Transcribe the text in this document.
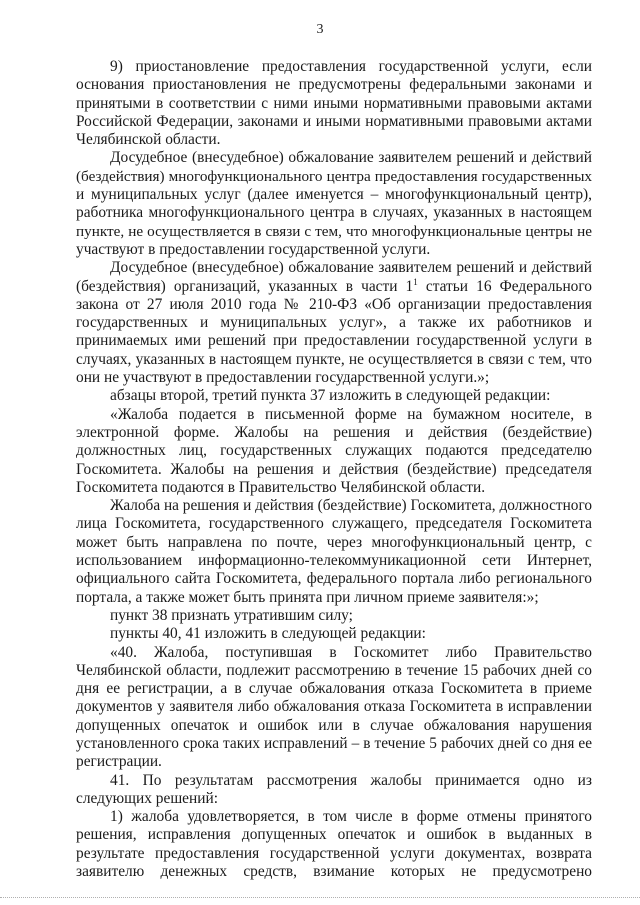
3

9) приостановление предоставления государственной услуги, если
основания приостановления не предусмотрены федеральными законами и
принятыми в соответствии с ними иными нормативными правовыми актами
Российской Федерации, законами и иными нормативными правовыми актами
Челябинской области.

Досудебное (внесудебное) обжалование заявителем решений и действий
(бездействия) многофункционального центра предоставления государственных
и муниципальных услуг (далее именуется – многофункциональный центр),
работника многофункционального центра в случаях, указанных в настоящем
пункте, не осуществляется в связи с тем, что многофункциональные центры не
участвуют в предоставлении государственной услуги.

Досудебное (внесудебное) обжалование заявителем решений и действий
(бездействия) организаций, указанных в части $1^1$ статьи 16 Федерального
закона от 27 июля 2010 года № 210-ФЗ «Об организации предоставления
государственных и муниципальных услуг», а также их работников и
принимаемых ими решений при предоставлении государственной услуги в
случаях, указанных в настоящем пункте, не осуществляется в связи с тем, что
они не участвуют в предоставлении государственной услуги.»;

абзацы второй, третий пункта 37 изложить в следующей редакции:

«Жалоба подается в письменной форме на бумажном носителе, в
электронной форме. Жалобы на решения и действия (бездействие)
должностных лиц, государственных служащих подаются председателю
Госкомитета. Жалобы на решения и действия (бездействие) председателя
Госкомитета подаются в Правительство Челябинской области.

Жалоба на решения и действия (бездействие) Госкомитета, должностного
лица Госкомитета, государственного служащего, председателя Госкомитета
может быть направлена по почте, через многофункциональный центр, с
использованием информационно-телекоммуникационной сети Интернет,
официального сайта Госкомитета, федерального портала либо регионального
портала, а также может быть принята при личном приеме заявителя:»;

пункт 38 признать утратившим силу;

пункты 40, 41 изложить в следующей редакции:

«40. Жалоба, поступившая в Госкомитет либо Правительство
Челябинской области, подлежит рассмотрению в течение 15 рабочих дней со
дня ее регистрации, а в случае обжалования отказа Госкомитета в приеме
документов у заявителя либо обжалования отказа Госкомитета в исправлении
допущенных опечаток и ошибок или в случае обжалования нарушения
установленного срока таких исправлений – в течение 5 рабочих дней со дня ее
регистрации.

41. По результатам рассмотрения жалобы принимается одно из
следующих решений:

1) жалоба удовлетворяется, в том числе в форме отмены принятого
решения, исправления допущенных опечаток и ошибок в выданных в
результате предоставления государственной услуги документах, возврата
заявителю денежных средств, взимание которых не предусмотрено
